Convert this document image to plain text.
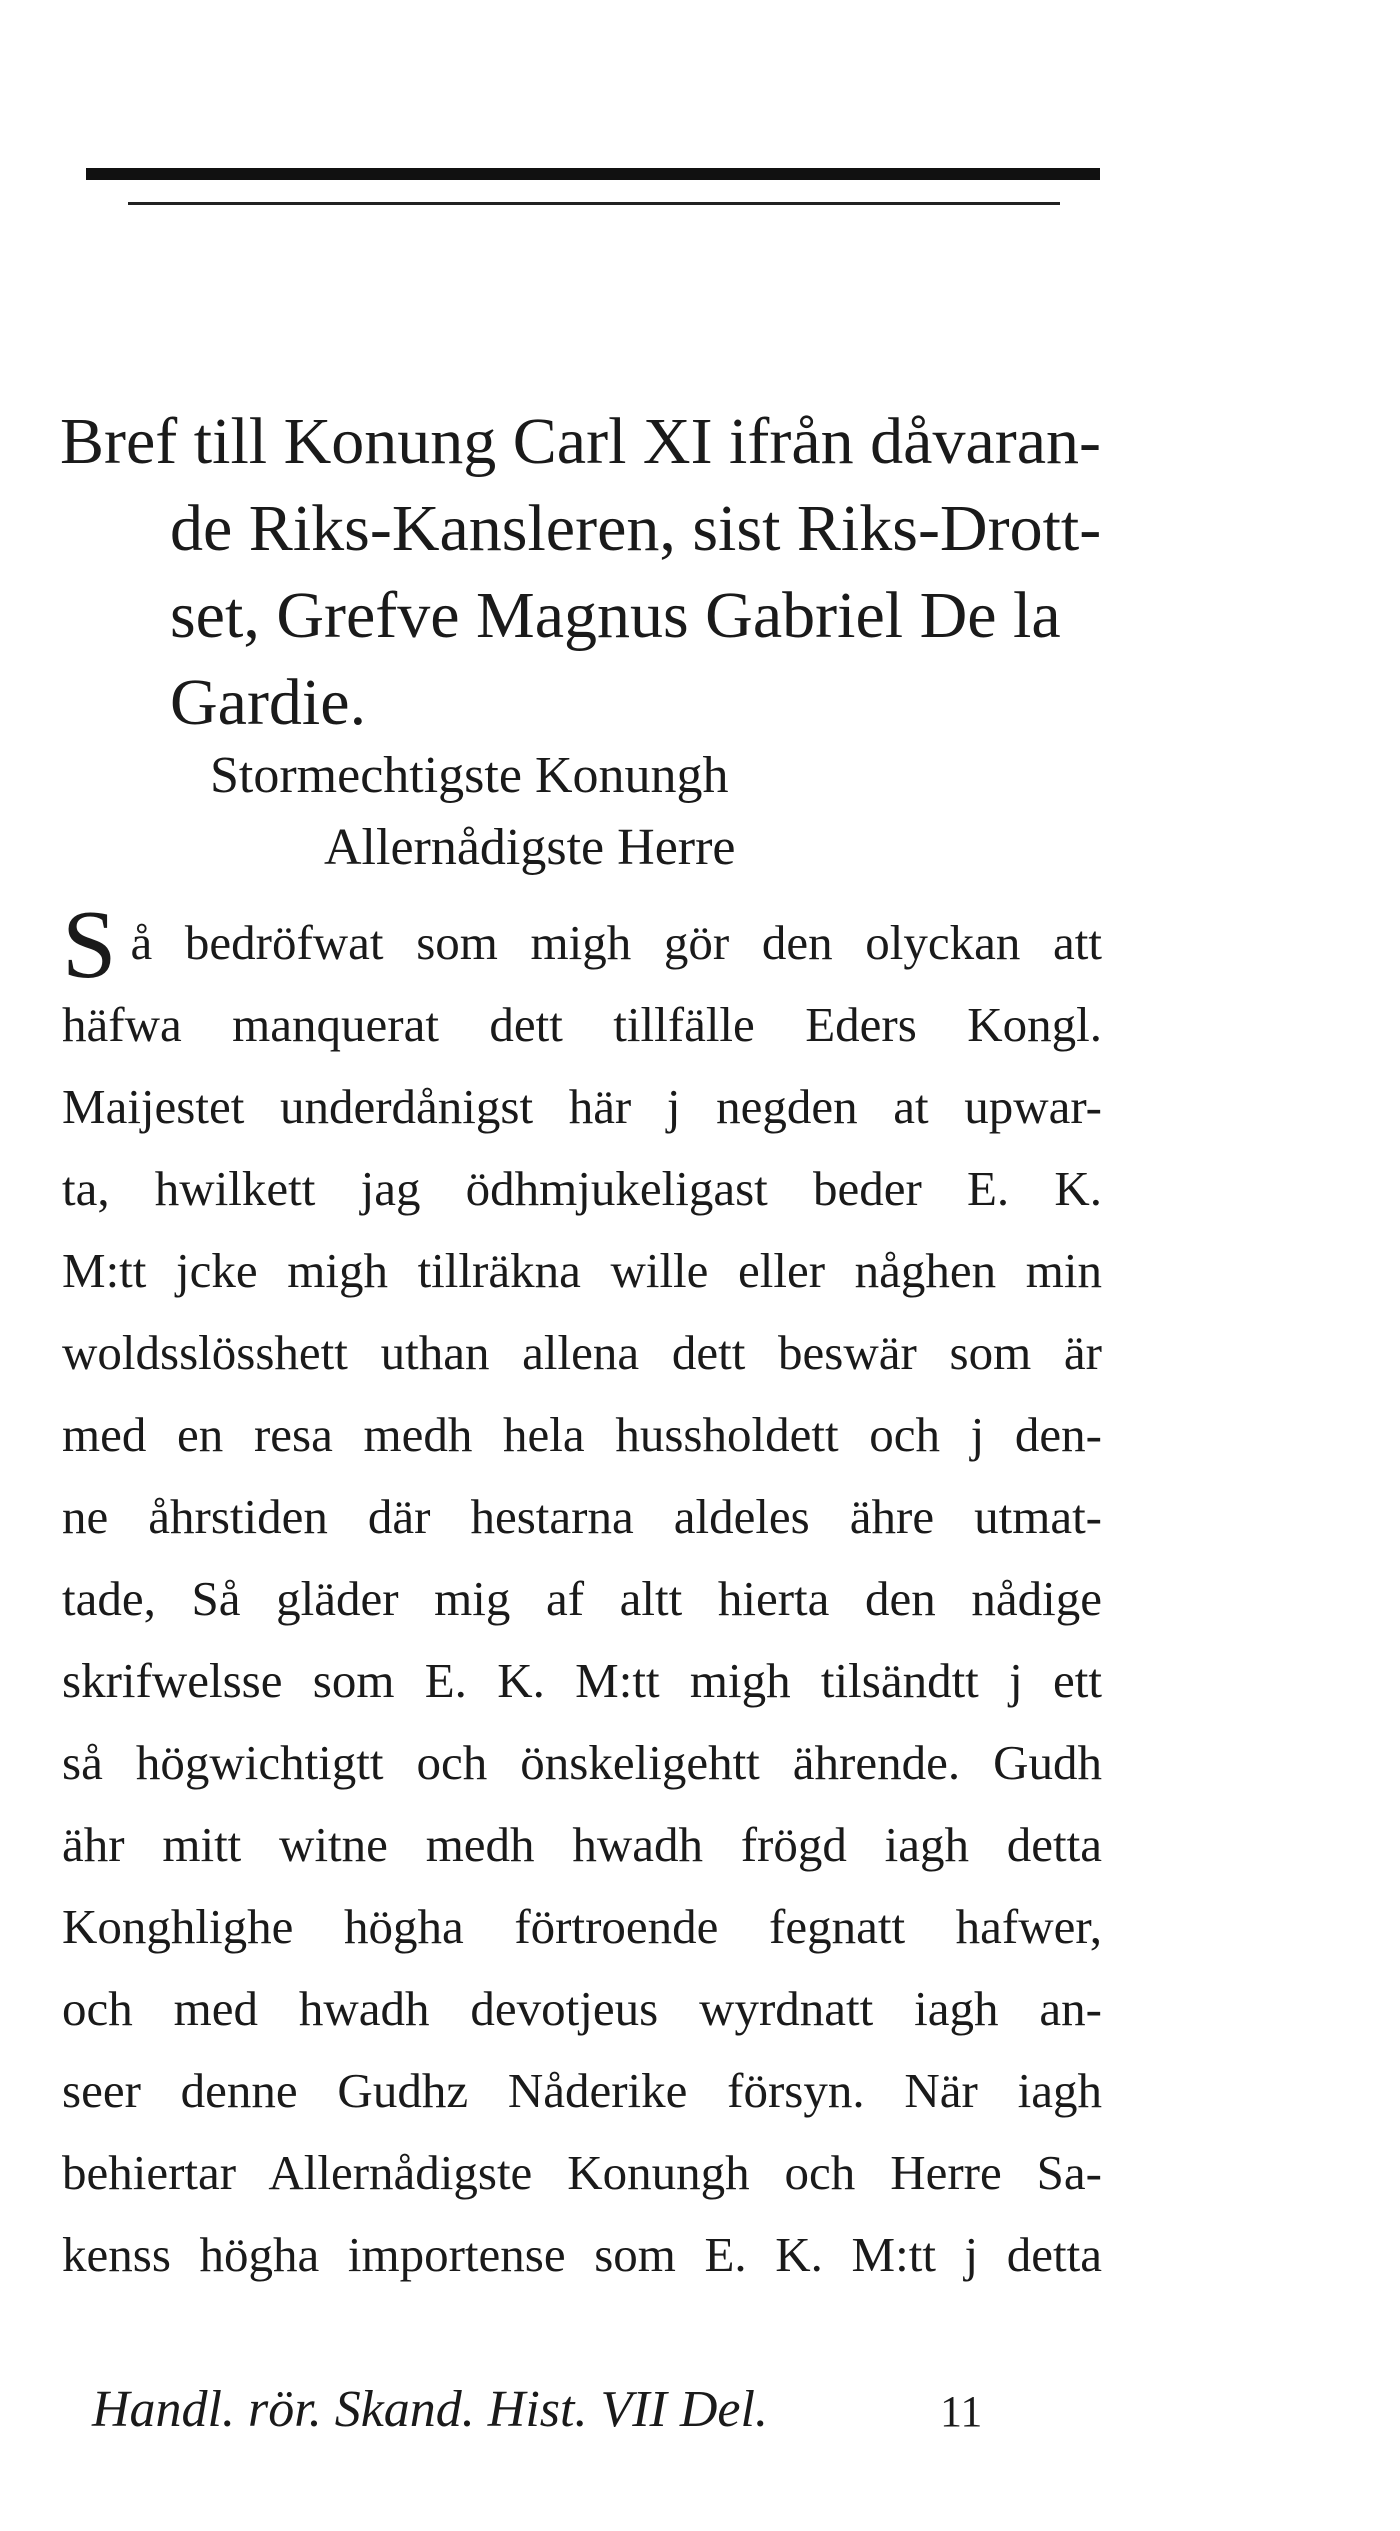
Bref till Konung Carl XI ifrån dåvaran-
de Riks-Kansleren, sist Riks-Drott-
set, Grefve Magnus Gabriel De la
Gardie.
Stormechtigste Konungh
Allernådigste Herre
Så bedröfwat som migh gör den olyckan att
häfwa manquerat dett tillfälle Eders Kongl.
Maijestet underdånigst här j negden at upwar-
ta, hwilkett jag ödhmjukeligast beder E. K.
M:tt jcke migh tillräkna wille eller någhen min
woldsslösshett uthan allena dett beswär som är
med en resa medh hela hussholdett och j den-
ne åhrstiden där hestarna aldeles ähre utmat-
tade, Så gläder mig af altt hierta den nådige
skrifwelsse som E. K. M:tt migh tilsändtt j ett
så högwichtigtt och önskeligehtt ährende. Gudh
ähr mitt witne medh hwadh frögd iagh detta
Konghlighe högha förtroende fegnatt hafwer,
och med hwadh devotjeus wyrdnatt iagh an-
seer denne Gudhz Nåderike försyn. När iagh
behiertar Allernådigste Konungh och Herre Sa-
kenss högha importense som E. K. M:tt j detta
Handl. rör. Skand. Hist. VII Del.	11
